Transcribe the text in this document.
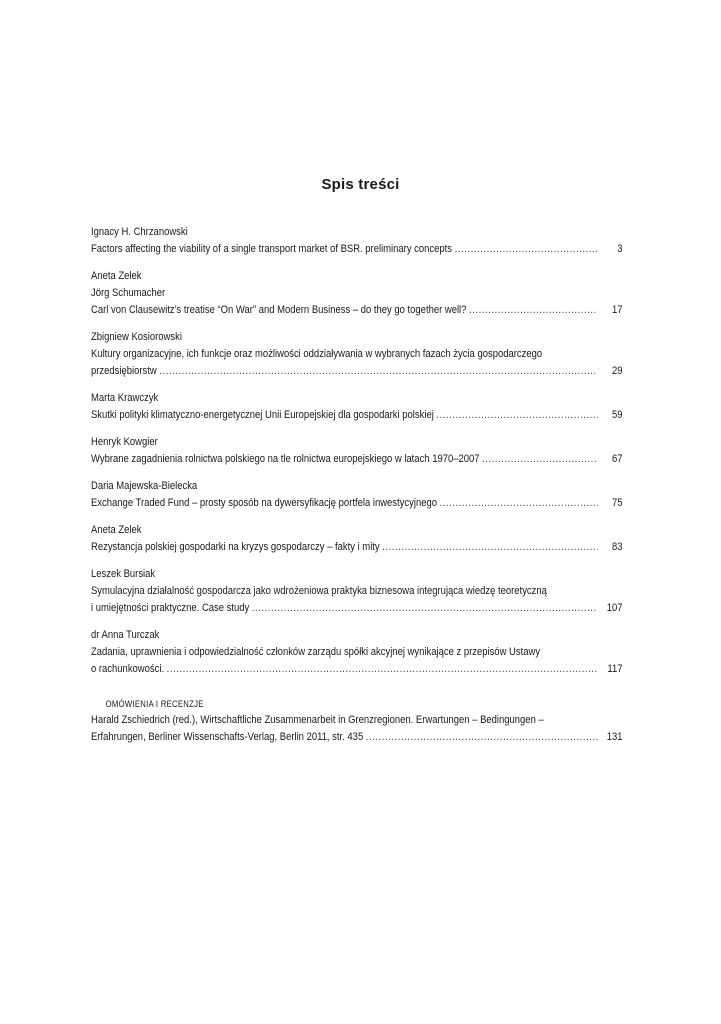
Spis treści
Ignacy H. Chrzanowski
Factors affecting the viability of a single transport market of BSR. preliminary concepts . . .	3
Aneta Zelek
Jörg Schumacher
Carl von Clausewitz’s treatise “On War” and Modern Business – do they go together well? . . .	17
Zbigniew Kosiorowski
Kultury organizacyjne, ich funkcje oraz możliwości oddziaływania w wybranych fazach życia gospodarczego
przedsiębiorstw . . .	29
Marta Krawczyk
Skutki polityki klimatyczno-energetycznej Unii Europejskiej dla gospodarki polskiej . . .	59
Henryk Kowgier
Wybrane zagadnienia rolnictwa polskiego na tle rolnictwa europejskiego w latach 1970–2007 . . .	67
Daria Majewska-Bielecka
Exchange Traded Fund – prosty sposób na dywersyfikację portfela inwestycyjnego . . .	75
Aneta Zelek
Rezystancja polskiej gospodarki na kryzys gospodarczy – fakty i mity . . .	83
Leszek Bursiak
Symulacyjna działalność gospodarcza jako wdrożeniowa praktyka biznesowa integrująca wiedzę teoretyczną
i umiejętności praktyczne. Case study . . .	107
dr Anna Turczak
Zadania, uprawnienia i odpowiedzialność członków zarządu spółki akcyjnej wynikające z przepisów Ustawy
o rachunkowości. . . .	117
OMÓWIENIA I RECENZJE
Harald Zschiedrich (red.), Wirtschaftliche Zusammenarbeit in Grenzregionen. Erwartungen – Bedingungen –
Erfahrungen, Berliner Wissenschafts-Verlag, Berlin 2011, str. 435 . . .	131
